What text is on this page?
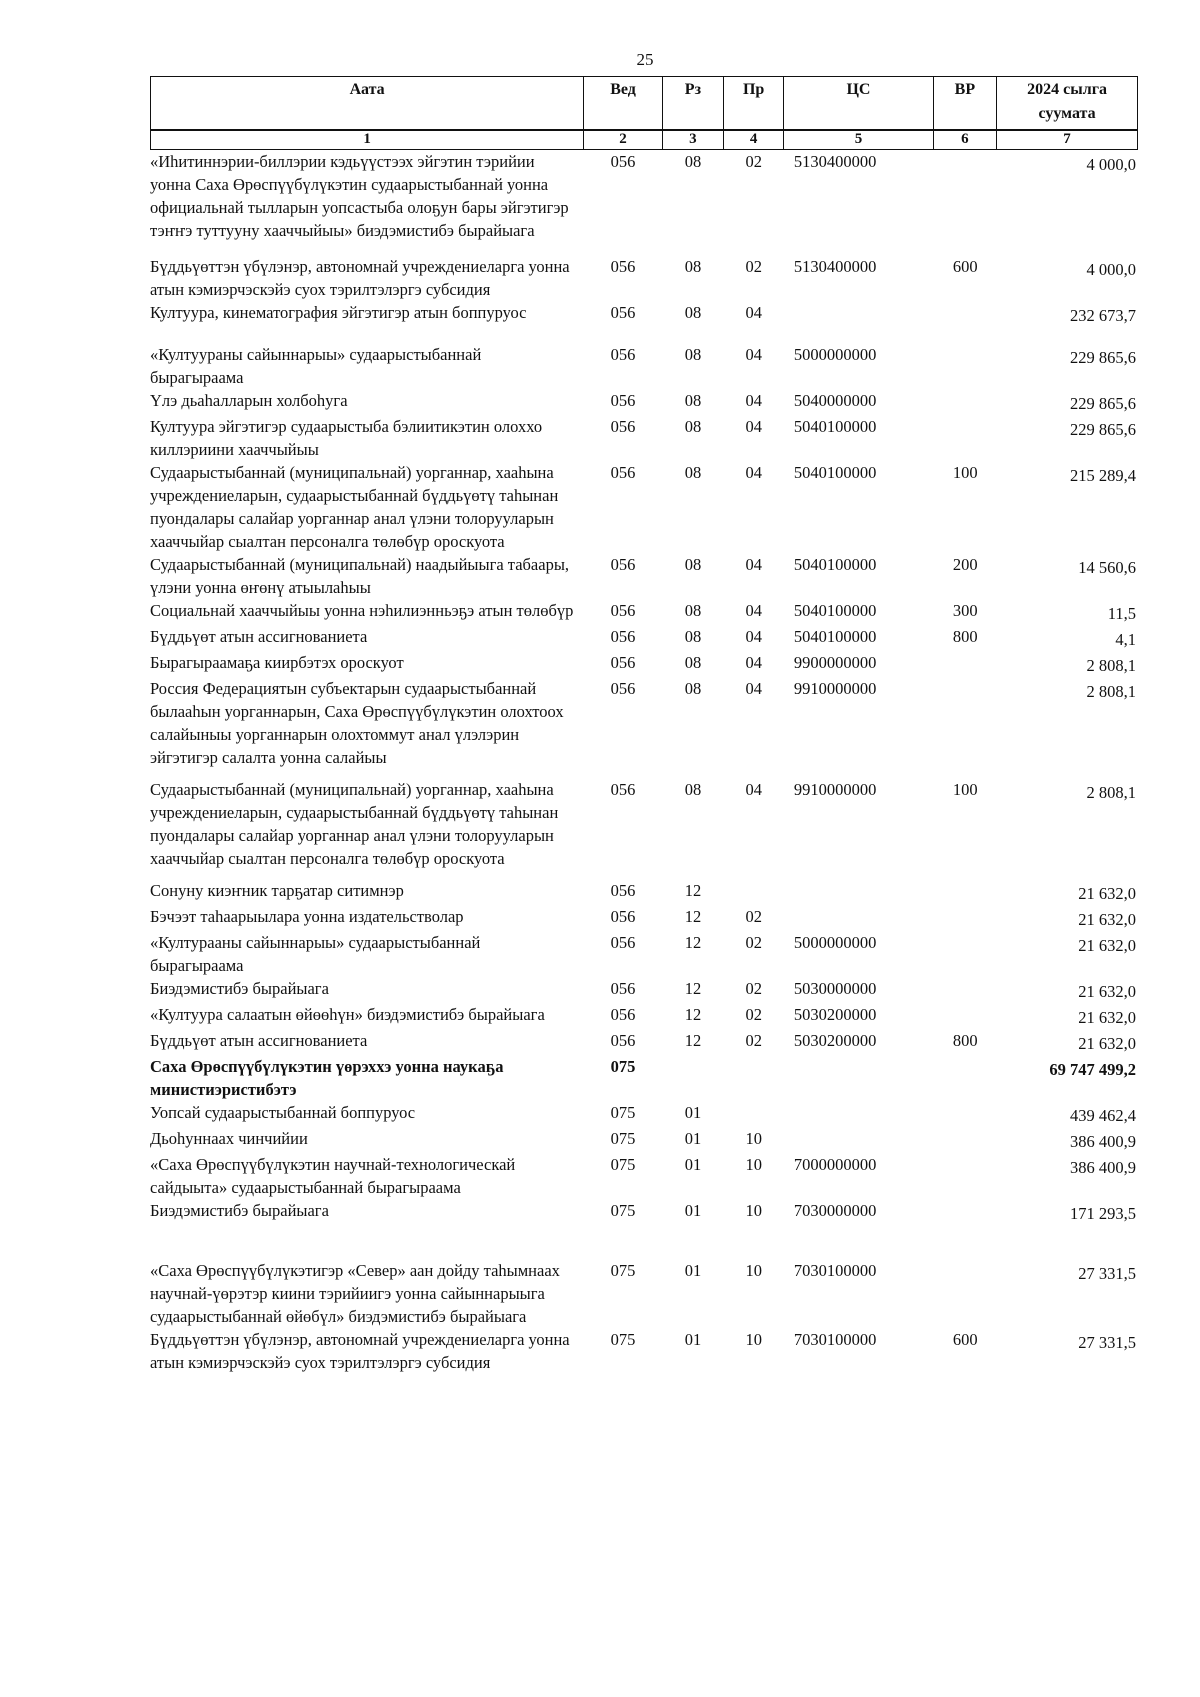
25
Аата	Вед	Рз	Пр	ЦС	ВР	2024 сылга суумата
1	2	3	4	5	6	7
«Иһитиннэрии-биллэрии кэдьүүстээх эйгэтин тэрийии уонна Саха Өрөспүүбүлүкэтин судаарыстыбаннай уонна официальнай тылларын уопсастыба олоҕун бары эйгэтигэр тэҥҥэ туттууну хааччыйыы» биэдэмистибэ бырайыага	056	08	02	5130400000		4 000,0
Бүддьүөттэн үбүлэнэр, автономнай учреждениеларга уонна атын кэмиэрчэскэйэ суох тэрилтэлэргэ субсидия	056	08	02	5130400000	600	4 000,0
Култуура, кинематография эйгэтигэр атын боппуруос	056	08	04			232 673,7
«Култуураны сайыннарыы» судаарыстыбаннай бырагыраама	056	08	04	5000000000		229 865,6
Үлэ дьаһалларын холбоһуга	056	08	04	5040000000		229 865,6
Култуура эйгэтигэр судаарыстыба бэлиитикэтин олоххо киллэриини хааччыйыы	056	08	04	5040100000		229 865,6
Судаарыстыбаннай (муниципальнай) уорганнар, хааһына учреждениеларын, судаарыстыбаннай бүддьүөтү таһынан пуондалары салайар уорганнар анал үлэни толорууларын хааччыйар сыалтан персоналга төлөбүр ороскуота	056	08	04	5040100000	100	215 289,4
Судаарыстыбаннай (муниципальнай) наадыйыыга табаары, үлэни уонна өҥөнү атыылаһыы	056	08	04	5040100000	200	14 560,6
Социальнай хааччыйыы уонна нэһилиэнньэҕэ атын төлөбүр	056	08	04	5040100000	300	11,5
Бүддьүөт атын ассигнованиета	056	08	04	5040100000	800	4,1
Бырагыраамаҕа киирбэтэх ороскуот	056	08	04	9900000000		2 808,1
Россия Федерациятын субъектарын судаарыстыбаннай былааһын уорганнарын, Саха Өрөспүүбүлүкэтин олохтоох салайыныы уорганнарын олохтоммут анал үлэлэрин эйгэтигэр салалта уонна салайыы	056	08	04	9910000000		2 808,1
Судаарыстыбаннай (муниципальнай) уорганнар, хааһына учреждениеларын, судаарыстыбаннай бүддьүөтү таһынан пуондалары салайар уорганнар анал үлэни толорууларын хааччыйар сыалтан персоналга төлөбүр ороскуота	056	08	04	9910000000	100	2 808,1
Сонуну киэҥник тарҕатар ситимнэр	056	12				21 632,0
Бэчээт таһаарыылара уонна издательстволар	056	12	02			21 632,0
«Културааны сайыннарыы» судаарыстыбаннай бырагыраама	056	12	02	5000000000		21 632,0
Биэдэмистибэ бырайыага	056	12	02	5030000000		21 632,0
«Култуура салаатын өйөөһүн» биэдэмистибэ бырайыага	056	12	02	5030200000		21 632,0
Бүддьүөт атын ассигнованиета	056	12	02	5030200000	800	21 632,0
Саха Өрөспүүбүлүкэтин үөрэххэ уонна наукаҕа министиэристибэтэ	075					69 747 499,2
Уопсай судаарыстыбаннай боппуруос	075	01				439 462,4
Дьоһуннаах чинчийии	075	01	10			386 400,9
«Саха Өрөспүүбүлүкэтин научнай-технологическай сайдыыта» судаарыстыбаннай бырагыраама	075	01	10	7000000000		386 400,9
Биэдэмистибэ бырайыага	075	01	10	7030000000		171 293,5
«Саха Өрөспүүбүлүкэтигэр «Север» аан дойду таһымнаах научнай-үөрэтэр киини тэрийиигэ уонна сайыннарыыга судаарыстыбаннай өйөбүл» биэдэмистибэ бырайыага	075	01	10	7030100000		27 331,5
Бүддьүөттэн үбүлэнэр, автономнай учреждениеларга уонна атын кэмиэрчэскэйэ суох тэрилтэлэргэ субсидия	075	01	10	7030100000	600	27 331,5
